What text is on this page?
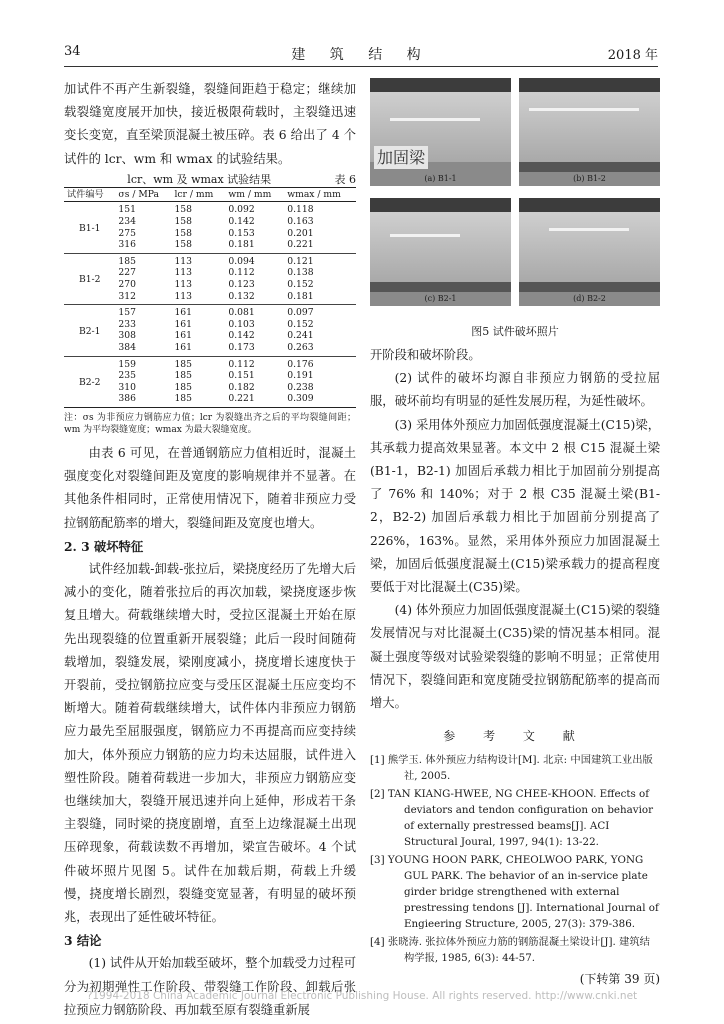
34	建 筑 结 构	2018 年

加试件不再产生新裂缝，裂缝间距趋于稳定；继续加载裂缝宽度展开加快，接近极限荷载时，主裂缝迅速变长变宽，直至梁顶混凝土被压碎。表 6 给出了 4 个试件的 lcr、wm 和 wmax 的试验结果。

表 6
lcr、wm 及 wmax 试验结果
试件编号	σs / MPa	lcr / mm	wm / mm	wmax / mm
B1-1	151	158	0.092	0.118
	234	158	0.142	0.163
	275	158	0.153	0.201
	316	158	0.181	0.221
B1-2	185	113	0.094	0.121
	227	113	0.112	0.138
	270	113	0.123	0.152
	312	113	0.132	0.181
B2-1	157	161	0.081	0.097
	233	161	0.103	0.152
	308	161	0.142	0.241
	384	161	0.173	0.263
B2-2	159	185	0.112	0.176
	235	185	0.151	0.191
	310	185	0.182	0.238
	386	185	0.221	0.309

注：σs 为非预应力钢筋应力值；lcr 为裂缝出齐之后的平均裂缝间距；wm 为平均裂缝宽度；wmax 为最大裂缝宽度。

由表 6 可见，在普通钢筋应力值相近时，混凝土强度变化对裂缝间距及宽度的影响规律并不显著。在其他条件相同时，正常使用情况下，随着非预应力受拉钢筋配筋率的增大，裂缝间距及宽度也增大。

2. 3 破坏特征

试件经加载-卸载-张拉后，梁挠度经历了先增大后减小的变化，随着张拉后的再次加载，梁挠度逐步恢复且增大。荷载继续增大时，受拉区混凝土开始在原先出现裂缝的位置重新开展裂缝；此后一段时间随荷载增加，裂缝发展，梁刚度减小，挠度增长速度快于开裂前，受拉钢筋拉应变与受压区混凝土压应变均不断增大。随着荷载继续增大，试件体内非预应力钢筋应力最先至屈服强度，钢筋应力不再提高而应变持续加大，体外预应力钢筋的应力均未达屈服，试件进入塑性阶段。随着荷载进一步加大，非预应力钢筋应变也继续加大，裂缝开展迅速并向上延伸，形成若干条主裂缝，同时梁的挠度剧增，直至上边缘混凝土出现压碎现象，荷载读数不再增加，梁宣告破坏。4 个试件破坏照片见图 5。试件在加载后期，荷载上升缓慢，挠度增长剧烈，裂缝变宽显著，有明显的破坏预兆，表现出了延性破坏特征。

3 结论

(1) 试件从开始加载至破坏，整个加载受力过程可分为初期弹性工作阶段、带裂缝工作阶段、卸载后张拉预应力钢筋阶段、再加载至原有裂缝重新展

加固梁
(a) B1-1	(b) B1-2
(c) B2-1	(d) B2-2

图5 试件破坏照片

开阶段和破坏阶段。

(2) 试件的破坏均源自非预应力钢筋的受拉屈服，破坏前均有明显的延性发展历程，为延性破坏。

(3) 采用体外预应力加固低强度混凝土(C15)梁，其承载力提高效果显著。本文中 2 根 C15 混凝土梁(B1-1，B2-1) 加固后承载力相比于加固前分别提高了 76% 和 140%；对于 2 根 C35 混凝土梁(B1-2，B2-2) 加固后承载力相比于加固前分别提高了 226%，163%。显然，采用体外预应力加固混凝土梁，加固后低强度混凝土(C15)梁承载力的提高程度要低于对比混凝土(C35)梁。

(4) 体外预应力加固低强度混凝土(C15)梁的裂缝发展情况与对比混凝土(C35)梁的情况基本相同。混凝土强度等级对试验梁裂缝的影响不明显；正常使用情况下，裂缝间距和宽度随受拉钢筋配筋率的提高而增大。

参 考 文 献

[1] 熊学玉. 体外预应力结构设计[M]. 北京: 中国建筑工业出版社, 2005.

[2] TAN KIANG-HWEE, NG CHEE-KHOON. Effects of deviators and tendon configuration on behavior of externally prestressed beams[J]. ACI Structural Joural, 1997, 94(1): 13-22.

[3] YOUNG HOON PARK, CHEOLWOO PARK, YONG GUL PARK. The behavior of an in-service plate girder bridge strengthened with external prestressing tendons [J]. International Journal of Engieering Structure, 2005, 27(3): 379-386.

[4] 张晓涛. 张拉体外预应力筋的钢筋混凝土梁设计[J]. 建筑结构学报, 1985, 6(3): 44-57.

(下转第 39 页)

?1994-2018 China Academic Journal Electronic Publishing House. All rights reserved. http://www.cnki.net
